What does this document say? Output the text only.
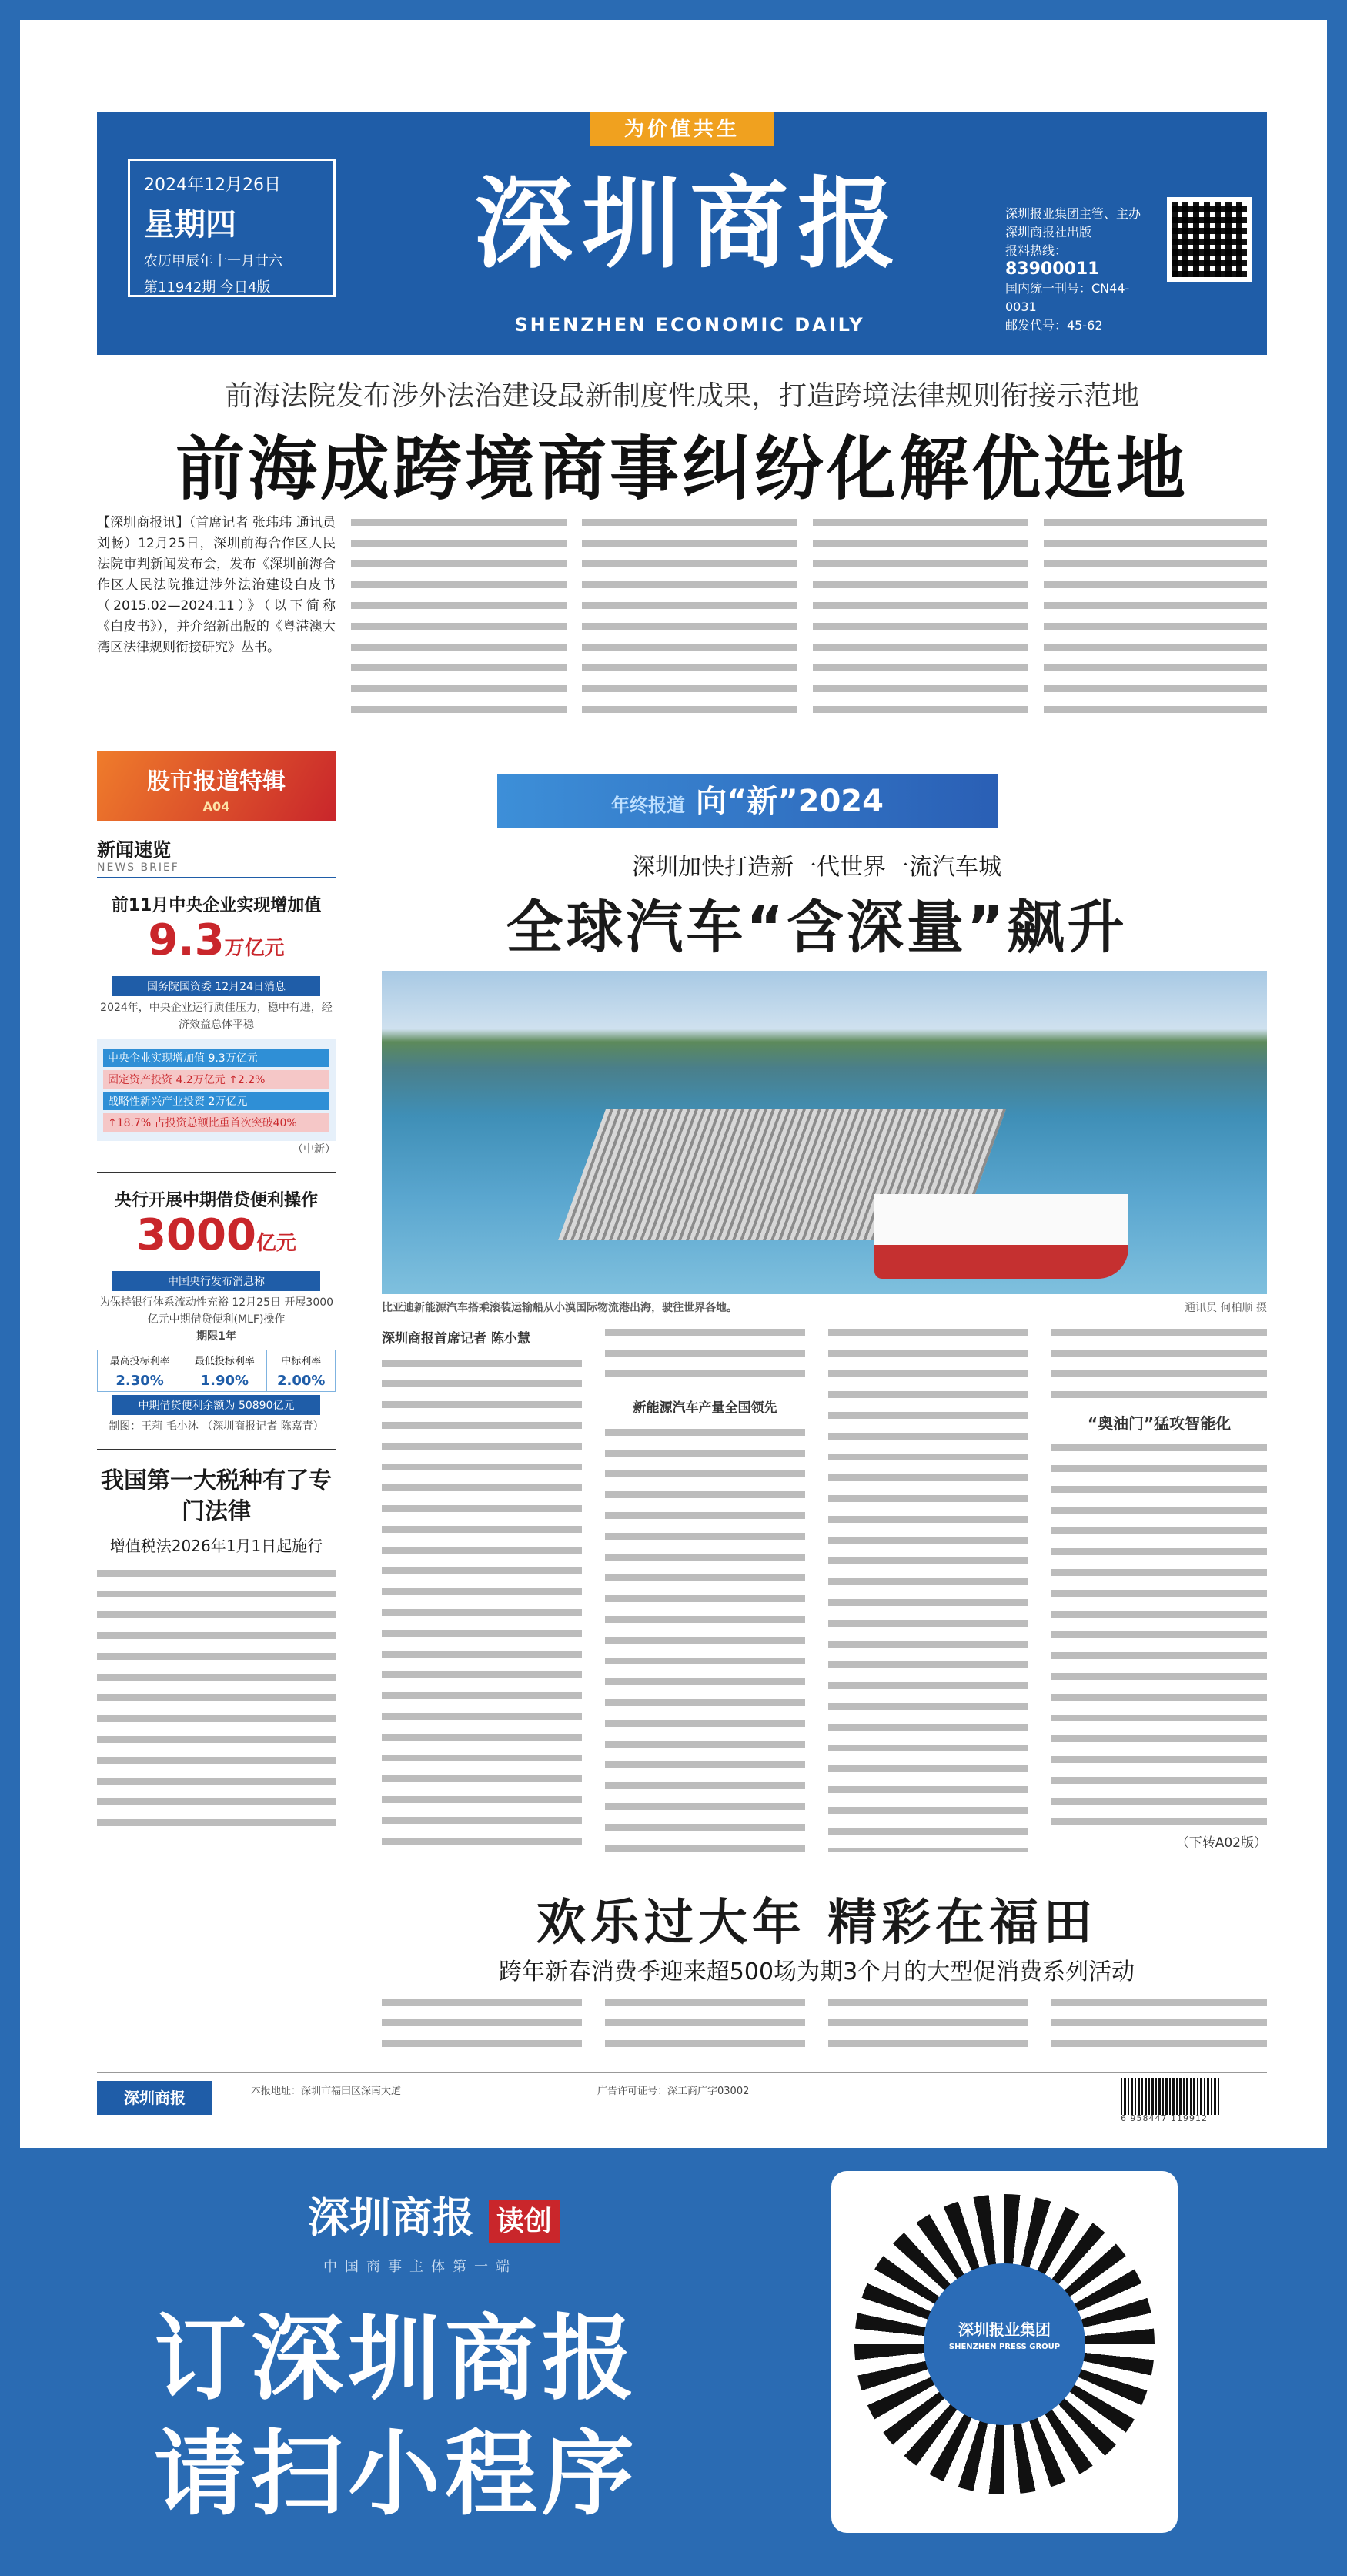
为价值共生
2024年12月26日
星期四
农历甲辰年十一月廿六
第11942期 今日4版
深圳商报
SHENZHEN ECONOMIC DAILY
深圳报业集团主管、主办
深圳商报社出版
报料热线：83900011
国内统一刊号：CN44-0031
邮发代号：45-62
前海法院发布涉外法治建设最新制度性成果，打造跨境法律规则衔接示范地
前海成跨境商事纠纷化解优选地
【深圳商报讯】（首席记者 张玮玮 通讯员 刘畅）12月25日，深圳前海合作区人民法院审判新闻发布会，发布《深圳前海合作区人民法院推进涉外法治建设白皮书（2015.02—2024.11）》（以下简称《白皮书》），并介绍新出版的《粤港澳大湾区法律规则衔接研究》丛书。
股市报道特辑
A04
新闻速览
NEWS BRIEF
前11月中央企业实现增加值
9.3万亿元
国务院国资委 12月24日消息
2024年，中央企业运行质佳压力，稳中有进，经济效益总体平稳
中央企业实现增加值 9.3万亿元
固定资产投资 4.2万亿元 ↑2.2%
战略性新兴产业投资 2万亿元
↑18.7% 占投资总额比重首次突破40%
（中新）
央行开展中期借贷便利操作
3000亿元
中国央行发布消息称
为保持银行体系流动性充裕 12月25日 开展3000亿元中期借贷便利(MLF)操作
期限1年
最高投标利率	最低投标利率	中标利率
2.30%	1.90%	2.00%
中期借贷便利余额为 50890亿元
制图：王莉 毛小沐 （深圳商报记者 陈嘉青）
我国第一大税种有了专门法律
增值税法2026年1月1日起施行
年终报道 向“新”2024
深圳加快打造新一代世界一流汽车城
全球汽车“含深量”飙升
通讯员 何柏顺 摄
比亚迪新能源汽车搭乘滚装运输船从小漠国际物流港出海，驶往世界各地。
深圳商报首席记者 陈小慧
新能源汽车产量全国领先
“奥油门”猛攻智能化
（下转A02版）
欢乐过大年 精彩在福田
跨年新春消费季迎来超500场为期3个月的大型促消费系列活动
深圳商报	本报地址：深圳市福田区深南大道	广告许可证号：深工商广字03002
6 958447 119912
深圳商报 读创
中国商事主体第一端
订深圳商报
请扫小程序
深圳报业集团
SHENZHEN PRESS GROUP
